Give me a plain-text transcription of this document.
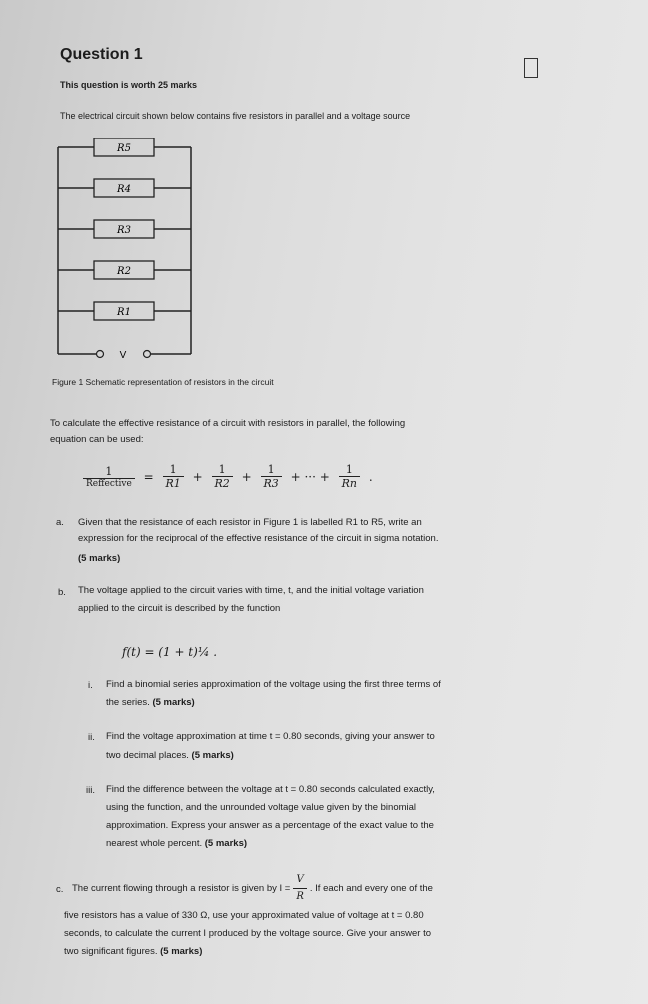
Question 1
This question is worth 25 marks
The electrical circuit shown below contains five resistors in parallel and a voltage source
R5
R4
R3
R2
R1
V
Figure 1 Schematic representation of resistors in the circuit
To calculate the effective resistance of a circuit with resistors in parallel, the following
equation can be used:
$\frac{1}{\text{Reffective}} = \frac{1}{R1} + \frac{1}{R2} + \frac{1}{R3}$ + ··· + $\frac{1}{Rn}$ .
a. Given that the resistance of each resistor in Figure 1 is labelled R1 to R5, write an
expression for the reciprocal of the effective resistance of the circuit in sigma notation.
(5 marks)
b. The voltage applied to the circuit varies with time, t, and the initial voltage variation
applied to the circuit is described by the function
f(t) = (1 + t)¼ .
i. Find a binomial series approximation of the voltage using the first three terms of
the series. (5 marks)
ii. Find the voltage approximation at time t = 0.80 seconds, giving your answer to
two decimal places. (5 marks)
iii. Find the difference between the voltage at t = 0.80 seconds calculated exactly,
using the function, and the unrounded voltage value given by the binomial
approximation. Express your answer as a percentage of the exact value to the
nearest whole percent. (5 marks)
c. The current flowing through a resistor is given by $I = \frac{V}{R}$ . If each and every one of the
five resistors has a value of 330 Ω, use your approximated value of voltage at t = 0.80
seconds, to calculate the current I produced by the voltage source. Give your answer to
two significant figures. (5 marks)
